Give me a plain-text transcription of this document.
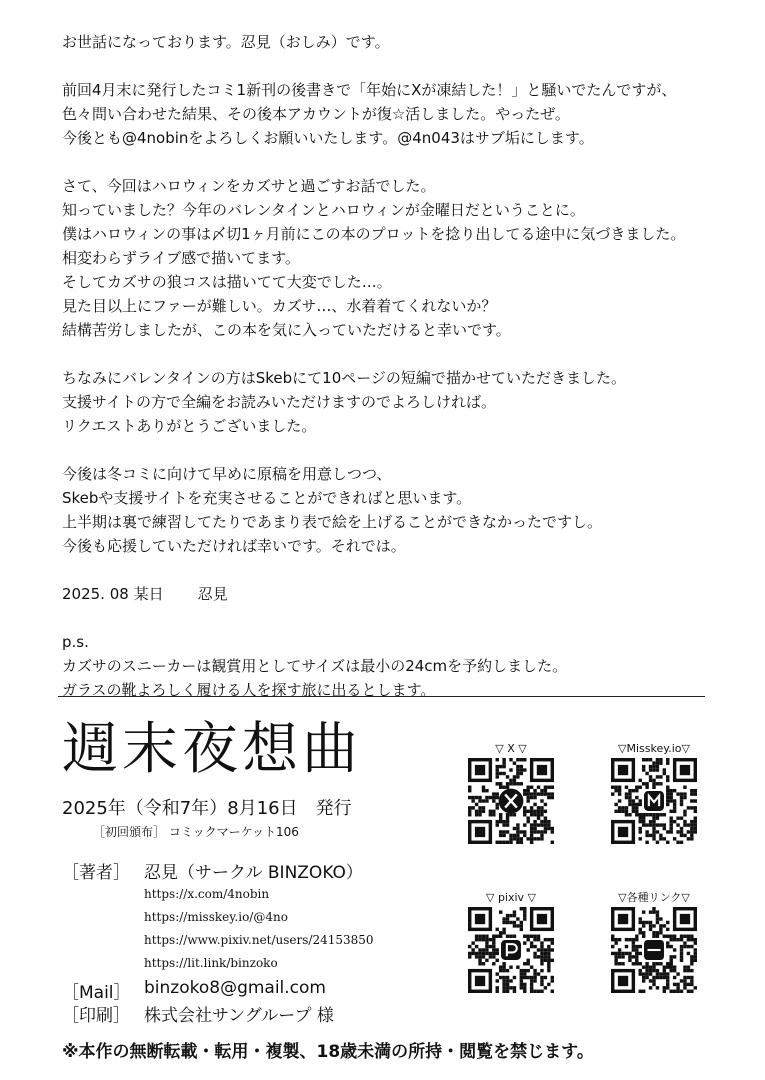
お世話になっております。忍見（おしみ）です。
前回4月末に発行したコミ1新刊の後書きで「年始にXが凍結した！」と騒いでたんですが、
色々問い合わせた結果、その後本アカウントが復☆活しました。やったぜ。
今後とも@4nobinをよろしくお願いいたします。@4n043はサブ垢にします。
さて、今回はハロウィンをカズサと過ごすお話でした。
知っていました？今年のバレンタインとハロウィンが金曜日だということに。
僕はハロウィンの事は〆切1ヶ月前にこの本のプロットを捻り出してる途中に気づきました。
相変わらずライブ感で描いてます。
そしてカズサの狼コスは描いてて大変でした…。
見た目以上にファーが難しい。カズサ…、水着着てくれないか？
結構苦労しましたが、この本を気に入っていただけると幸いです。
ちなみにバレンタインの方はSkebにて10ページの短編で描かせていただきました。
支援サイトの方で全編をお読みいただけますのでよろしければ。
リクエストありがとうございました。
今後は冬コミに向けて早めに原稿を用意しつつ、
Skebや支援サイトを充実させることができればと思います。
上半期は裏で練習してたりであまり表で絵を上げることができなかったですし。
今後も応援していただければ幸いです。それでは。
2025. 08 某日 忍見
p.s.
カズサのスニーカーは観賞用としてサイズは最小の24cmを予約しました。
ガラスの靴よろしく履ける人を探す旅に出るとします。
週末夜想曲
2025年（令和7年）8月16日　発行
［初回頒布］ コミックマーケット106
［著者］ 忍見（サークル BINZOKO）
https://x.com/4nobin
https://misskey.io/@4no
https://www.pixiv.net/users/24153850
https://lit.link/binzoko
［Mail］ binzoko8@gmail.com
［印刷］ 株式会社サングループ 様
※本作の無断転載・転用・複製、18歳未満の所持・閲覧を禁じます。
▽ X ▽	▽Misskey.io▽
▽ pixiv ▽	▽各種リンク▽
